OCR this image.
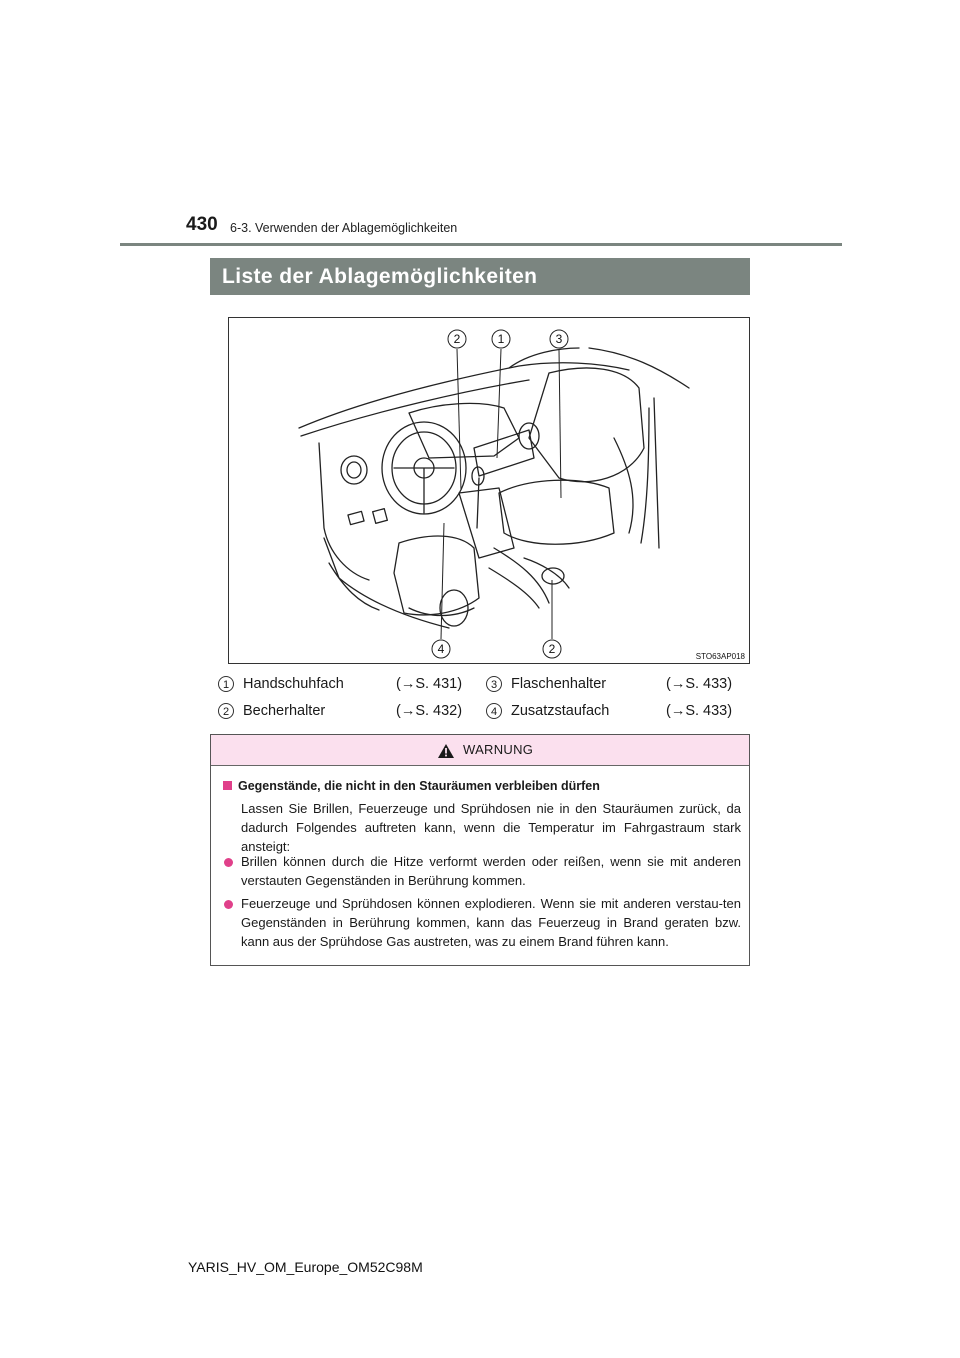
430 6-3. Verwenden der Ablagemöglichkeiten
Liste der Ablagemöglichkeiten
2	1	3
4	2
STO63AP018
1 Handschuhfach	(→S. 431)
2 Becherhalter	(→S. 432)
3 Flaschenhalter	(→S. 433)
4 Zusatzstaufach	(→S. 433)
WARNUNG
Gegenstände, die nicht in den Stauräumen verbleiben dürfen
Lassen Sie Brillen, Feuerzeuge und Sprühdosen nie in den Stauräumen zurück, da dadurch Folgendes auftreten kann, wenn die Temperatur im Fahrgastraum stark ansteigt:
Brillen können durch die Hitze verformt werden oder reißen, wenn sie mit anderen verstauten Gegenständen in Berührung kommen.
Feuerzeuge und Sprühdosen können explodieren. Wenn sie mit anderen verstau-ten Gegenständen in Berührung kommen, kann das Feuerzeug in Brand geraten bzw. kann aus der Sprühdose Gas austreten, was zu einem Brand führen kann.
YARIS_HV_OM_Europe_OM52C98M
